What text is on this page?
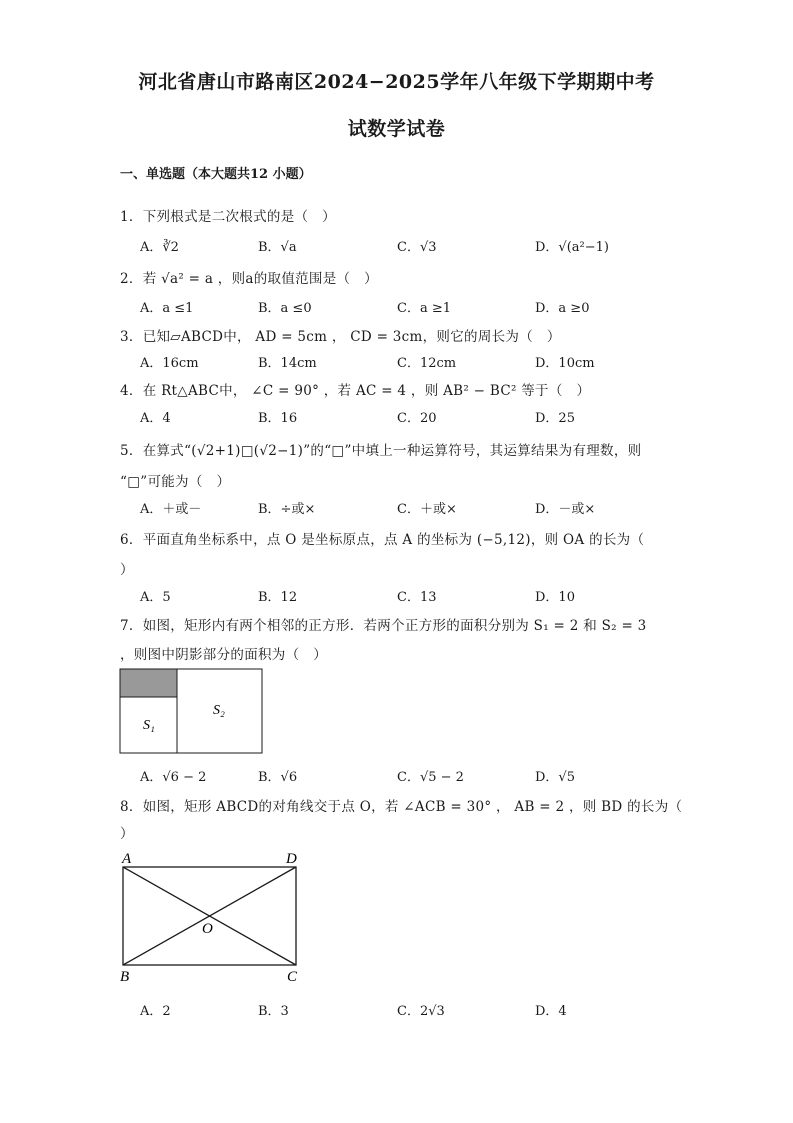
河北省唐山市路南区2024−2025学年八年级下学期期中考
试数学试卷
一、单选题（本大题共12 小题）
1．下列根式是二次根式的是（　）
A．∛2	B．√a	C．√3	D．√(a²−1)
2．若 √a² = a ，则a的取值范围是（　）
A．a ≤1	B．a ≤0	C．a ≥1	D．a ≥0
3．已知▱ABCD中， AD = 5cm ， CD = 3cm，则它的周长为（　）
A．16cm	B．14cm	C．12cm	D．10cm
4．在 Rt△ABC中， ∠C = 90° ，若 AC = 4 ，则 AB² − BC² 等于（　）
A．4	B．16	C．20	D．25
5．在算式“(√2+1)□(√2−1)”的“□”中填上一种运算符号，其运算结果为有理数，则
“□”可能为（　）
A．＋或－	B．÷或×	C．＋或×	D．－或×
6．平面直角坐标系中，点 O 是坐标原点，点 A 的坐标为 (−5,12)，则 OA 的长为（
）
A．5	B．12	C．13	D．10
7．如图，矩形内有两个相邻的正方形．若两个正方形的面积分别为 S₁ = 2 和 S₂ = 3
，则图中阴影部分的面积为（　）
S₁
S₂
A．√6 − 2	B．√6	C．√5 − 2	D．√5
8．如图，矩形 ABCD的对角线交于点 O，若 ∠ACB = 30° ， AB = 2 ，则 BD 的长为（
）
A	D
O
B	C
A．2	B．3	C．2√3	D．4
